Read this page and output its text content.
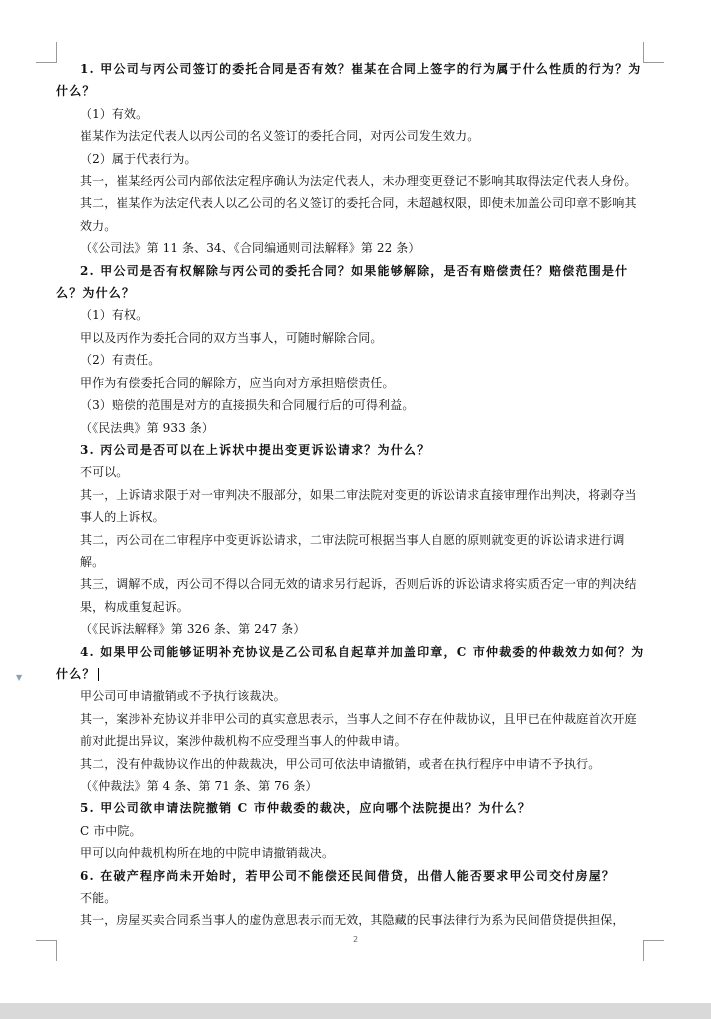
1. 甲公司与丙公司签订的委托合同是否有效？崔某在合同上签字的行为属于什么性质的行为？为什么？
（1）有效。
崔某作为法定代表人以丙公司的名义签订的委托合同，对丙公司发生效力。
（2）属于代表行为。
其一，崔某经丙公司内部依法定程序确认为法定代表人，未办理变更登记不影响其取得法定代表人身份。
其二，崔某作为法定代表人以乙公司的名义签订的委托合同，未超越权限，即使未加盖公司印章不影响其效力。
（《公司法》第 11 条、34、《合同编通则司法解释》第 22 条）
2. 甲公司是否有权解除与丙公司的委托合同？如果能够解除，是否有赔偿责任？赔偿范围是什么？为什么？
（1）有权。
甲以及丙作为委托合同的双方当事人，可随时解除合同。
（2）有责任。
甲作为有偿委托合同的解除方，应当向对方承担赔偿责任。
（3）赔偿的范围是对方的直接损失和合同履行后的可得利益。
（《民法典》第 933 条）
3. 丙公司是否可以在上诉状中提出变更诉讼请求？为什么？
不可以。
其一，上诉请求限于对一审判决不服部分，如果二审法院对变更的诉讼请求直接审理作出判决，将剥夺当事人的上诉权。
其二，丙公司在二审程序中变更诉讼请求，二审法院可根据当事人自愿的原则就变更的诉讼请求进行调解。
其三，调解不成，丙公司不得以合同无效的请求另行起诉，否则后诉的诉讼请求将实质否定一审的判决结果，构成重复起诉。
（《民诉法解释》第 326 条、第 247 条）
4. 如果甲公司能够证明补充协议是乙公司私自起草并加盖印章，C 市仲裁委的仲裁效力如何？为什么？
甲公司可申请撤销或不予执行该裁决。
其一，案涉补充协议并非甲公司的真实意思表示，当事人之间不存在仲裁协议，且甲已在仲裁庭首次开庭前对此提出异议，案涉仲裁机构不应受理当事人的仲裁申请。
其二，没有仲裁协议作出的仲裁裁决，甲公司可依法申请撤销，或者在执行程序中申请不予执行。
（《仲裁法》第 4 条、第 71 条、第 76 条）
5. 甲公司欲申请法院撤销 C 市仲裁委的裁决，应向哪个法院提出？为什么？
C 市中院。
甲可以向仲裁机构所在地的中院申请撤销裁决。
6. 在破产程序尚未开始时，若甲公司不能偿还民间借贷，出借人能否要求甲公司交付房屋？
不能。
其一，房屋买卖合同系当事人的虚伪意思表示而无效，其隐藏的民事法律行为系为民间借贷提供担保，
2
▼
